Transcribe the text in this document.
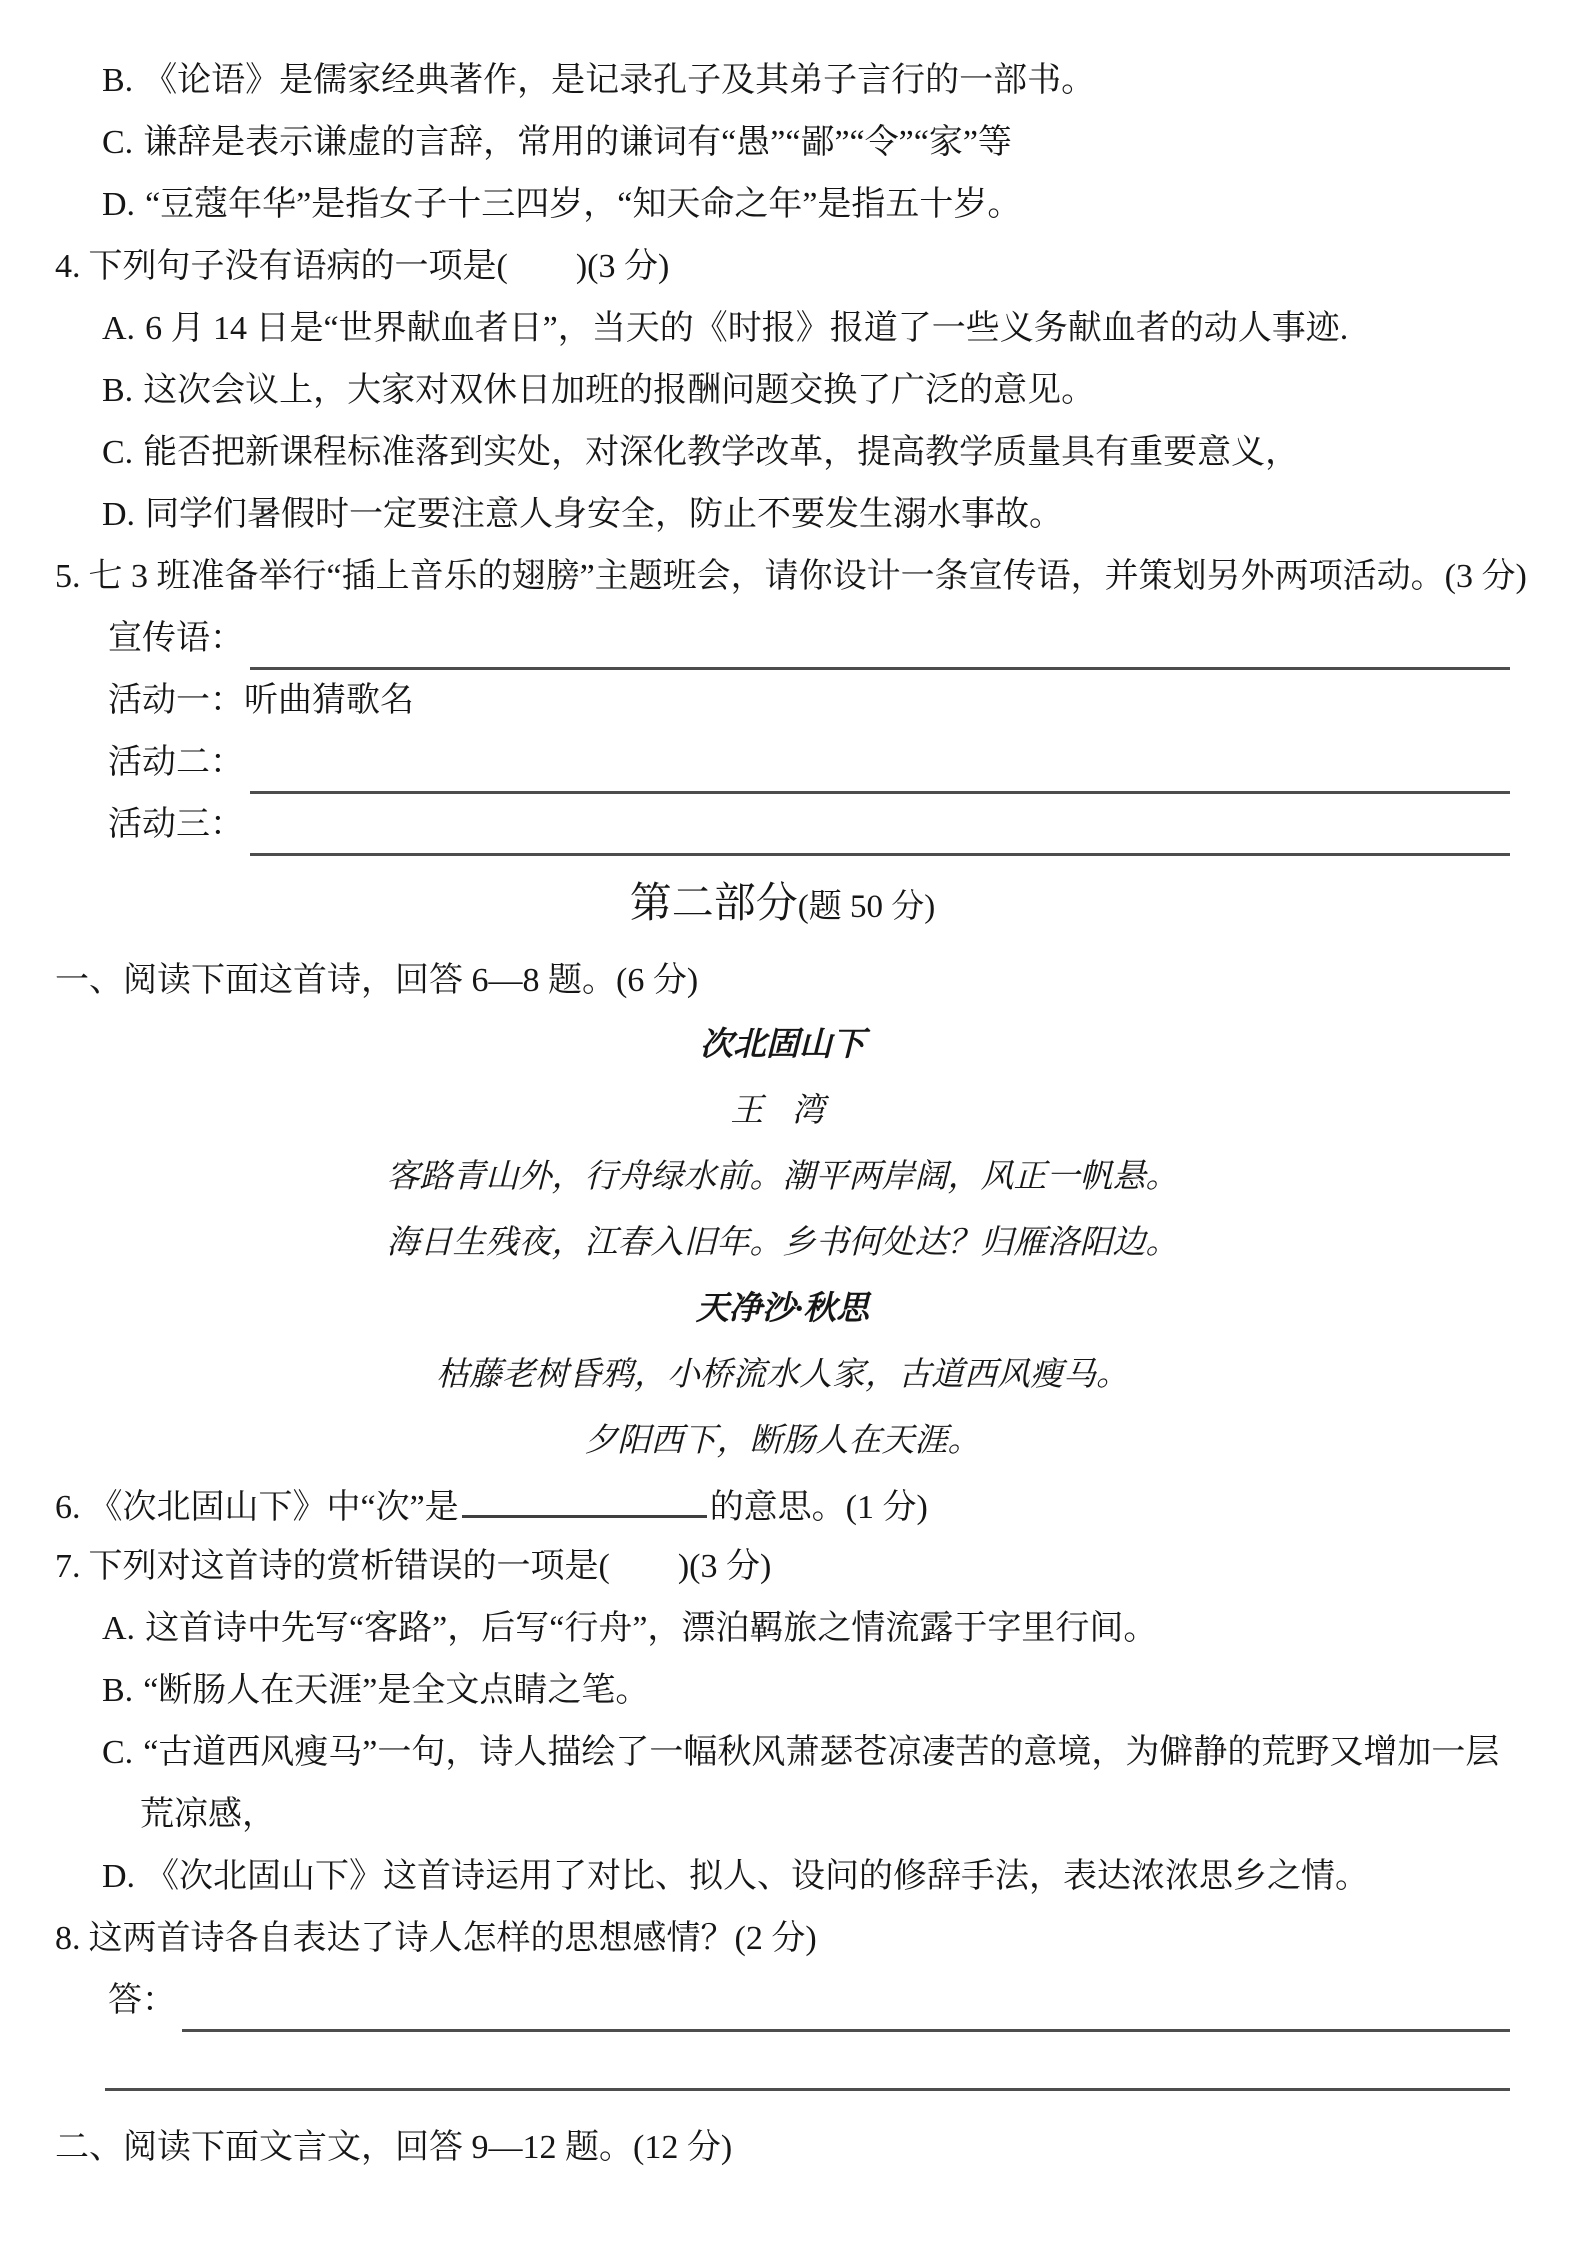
B. 《论语》是儒家经典著作，是记录孔子及其弟子言行的一部书。
C. 谦辞是表示谦虚的言辞，常用的谦词有“愚”“鄙”“令”“家”等
D. “豆蔻年华”是指女子十三四岁，“知天命之年”是指五十岁。
4. 下列句子没有语病的一项是(　　)(3 分)
A. 6 月 14 日是“世界献血者日”，当天的《时报》报道了一些义务献血者的动人事迹.
B. 这次会议上，大家对双休日加班的报酬问题交换了广泛的意见。
C. 能否把新课程标准落到实处，对深化教学改革，提高教学质量具有重要意义，
D. 同学们暑假时一定要注意人身安全，防止不要发生溺水事故。
5. 七 3 班准备举行“插上音乐的翅膀”主题班会，请你设计一条宣传语，并策划另外两项活动。(3 分)
宣传语：
活动一：听曲猜歌名
活动二：
活动三：
第二部分(题 50 分)
一、阅读下面这首诗，回答 6—8 题。(6 分)
次北固山下
王 湾
客路青山外，行舟绿水前。潮平两岸阔，风正一帆悬。
海日生残夜，江春入旧年。乡书何处达？归雁洛阳边。
天净沙·秋思
枯藤老树昏鸦，小桥流水人家，古道西风瘦马。
夕阳西下，断肠人在天涯。
6. 《次北固山下》中“次”是	的意思。(1 分)
7. 下列对这首诗的赏析错误的一项是(　　)(3 分)
A. 这首诗中先写“客路”，后写“行舟”，漂泊羁旅之情流露于字里行间。
B. “断肠人在天涯”是全文点睛之笔。
C. “古道西风瘦马”一句，诗人描绘了一幅秋风萧瑟苍凉凄苦的意境，为僻静的荒野又增加一层荒凉感，
D. 《次北固山下》这首诗运用了对比、拟人、设问的修辞手法，表达浓浓思乡之情。
8. 这两首诗各自表达了诗人怎样的思想感情？(2 分)
答：
二、阅读下面文言文，回答 9—12 题。(12 分)
